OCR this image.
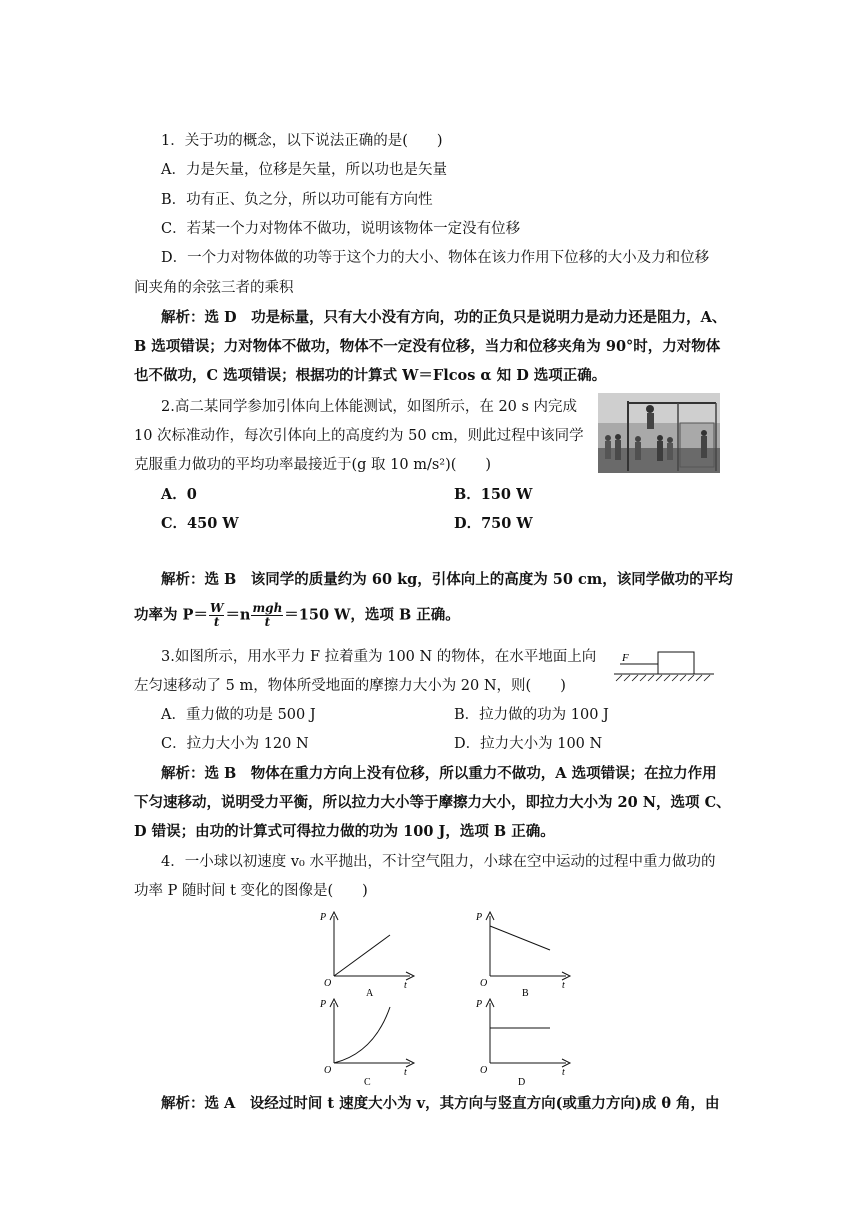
1．关于功的概念，以下说法正确的是(　　)
A．力是矢量，位移是矢量，所以功也是矢量
B．功有正、负之分，所以功可能有方向性
C．若某一个力对物体不做功，说明该物体一定没有位移
D．一个力对物体做的功等于这个力的大小、物体在该力作用下位移的大小及力和位移
间夹角的余弦三者的乘积
解析：选 D　功是标量，只有大小没有方向，功的正负只是说明力是动力还是阻力，A、
B 选项错误；力对物体不做功，物体不一定没有位移，当力和位移夹角为 90°时，力对物体
也不做功，C 选项错误；根据功的计算式 W＝Flcos α 知 D 选项正确。
2.高二某同学参加引体向上体能测试，如图所示，在 20 s 内完成
10 次标准动作，每次引体向上的高度约为 50 cm，则此过程中该同学
克服重力做功的平均功率最接近于(g 取 10 m/s²)(　　)
A．0	B．150 W
C．450 W	D．750 W
解析：选 B　该同学的质量约为 60 kg，引体向上的高度为 50 cm，该同学做功的平均
功率为 $P= \frac{W}{t} =n \frac{\text{mgh}}{t} =150$ W，选项 B 正确。
3.如图所示，用水平力 F 拉着重为 100 N 的物体，在水平地面上向
左匀速移动了 5 m，物体所受地面的摩擦力大小为 20 N，则(　　)
F
A．重力做的功是 500 J	B．拉力做的功为 100 J
C．拉力大小为 120 N	D．拉力大小为 100 N
解析：选 B　物体在重力方向上没有位移，所以重力不做功，A 选项错误；在拉力作用
下匀速移动，说明受力平衡，所以拉力大小等于摩擦力大小，即拉力大小为 20 N，选项 C、
D 错误；由功的计算式可得拉力做的功为 100 J，选项 B 正确。
4．一小球以初速度 v₀ 水平抛出，不计空气阻力，小球在空中运动的过程中重力做功的
功率 P 随时间 t 变化的图像是(　　)
P
O	t
A
P
O	t
B
P
O	t
C
P
O	t
D
解析：选 A　设经过时间 t 速度大小为 v，其方向与竖直方向(或重力方向)成 θ 角，由
